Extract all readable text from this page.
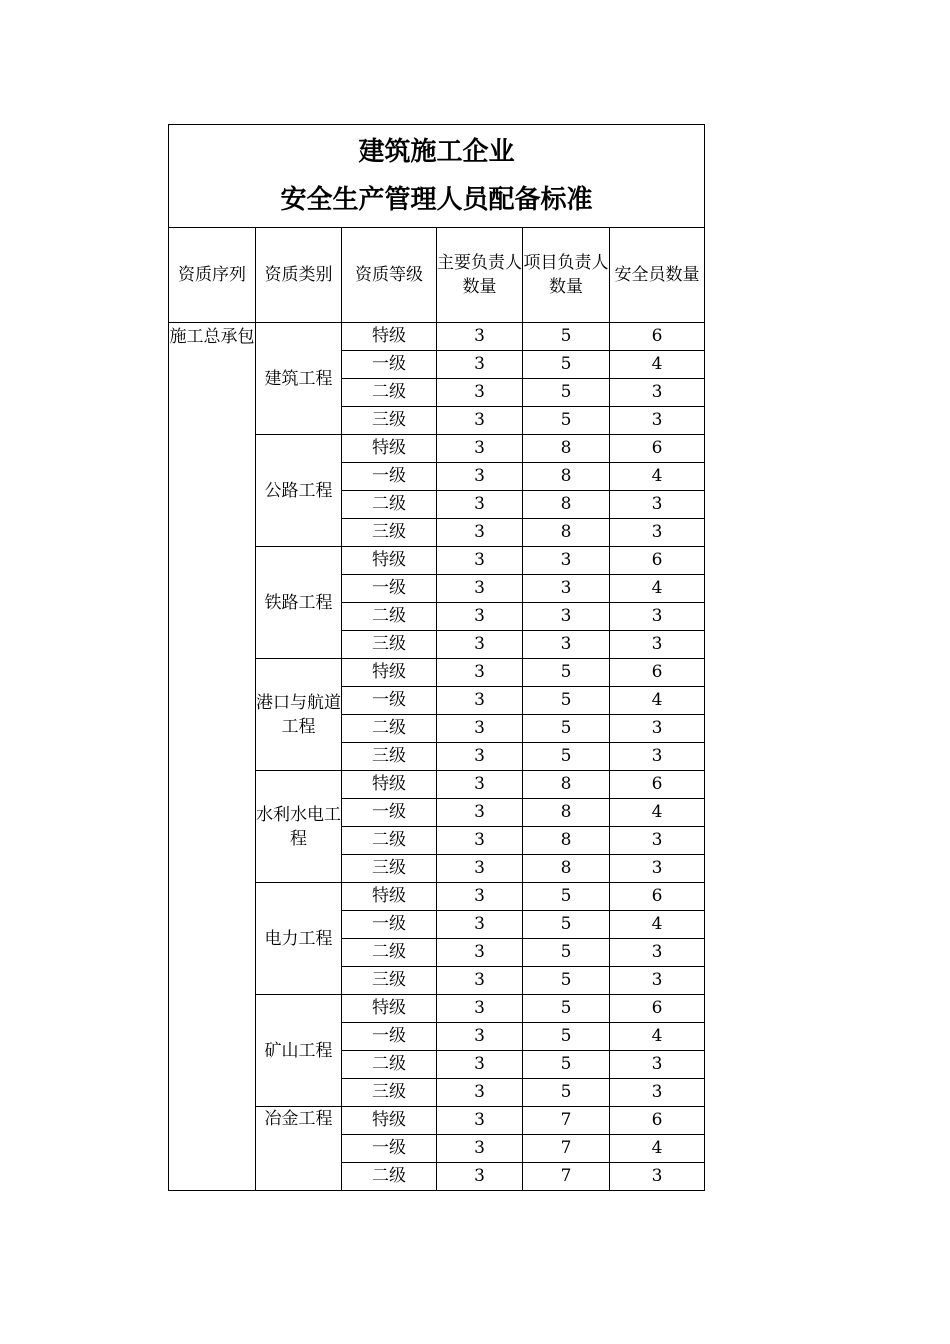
建筑施工企业
安全生产管理人员配备标准					

资质序列	资质类别	资质等级	主要负责人数量	项目负责人数量	安全员数量
施工总承包	建筑工程	特级	3	5	6
		一级	3	5	4
		二级	3	5	3
		三级	3	5	3
	公路工程	特级	3	8	6
		一级	3	8	4
		二级	3	8	3
		三级	3	8	3
	铁路工程	特级	3	3	6
		一级	3	3	4
		二级	3	3	3
		三级	3	3	3
	港口与航道工程	特级	3	5	6
		一级	3	5	4
		二级	3	5	3
		三级	3	5	3
	水利水电工程	特级	3	8	6
		一级	3	8	4
		二级	3	8	3
		三级	3	8	3
	电力工程	特级	3	5	6
		一级	3	5	4
		二级	3	5	3
		三级	3	5	3
	矿山工程	特级	3	5	6
		一级	3	5	4
		二级	3	5	3
		三级	3	5	3
	冶金工程	特级	3	7	6
		一级	3	7	4
		二级	3	7	3
